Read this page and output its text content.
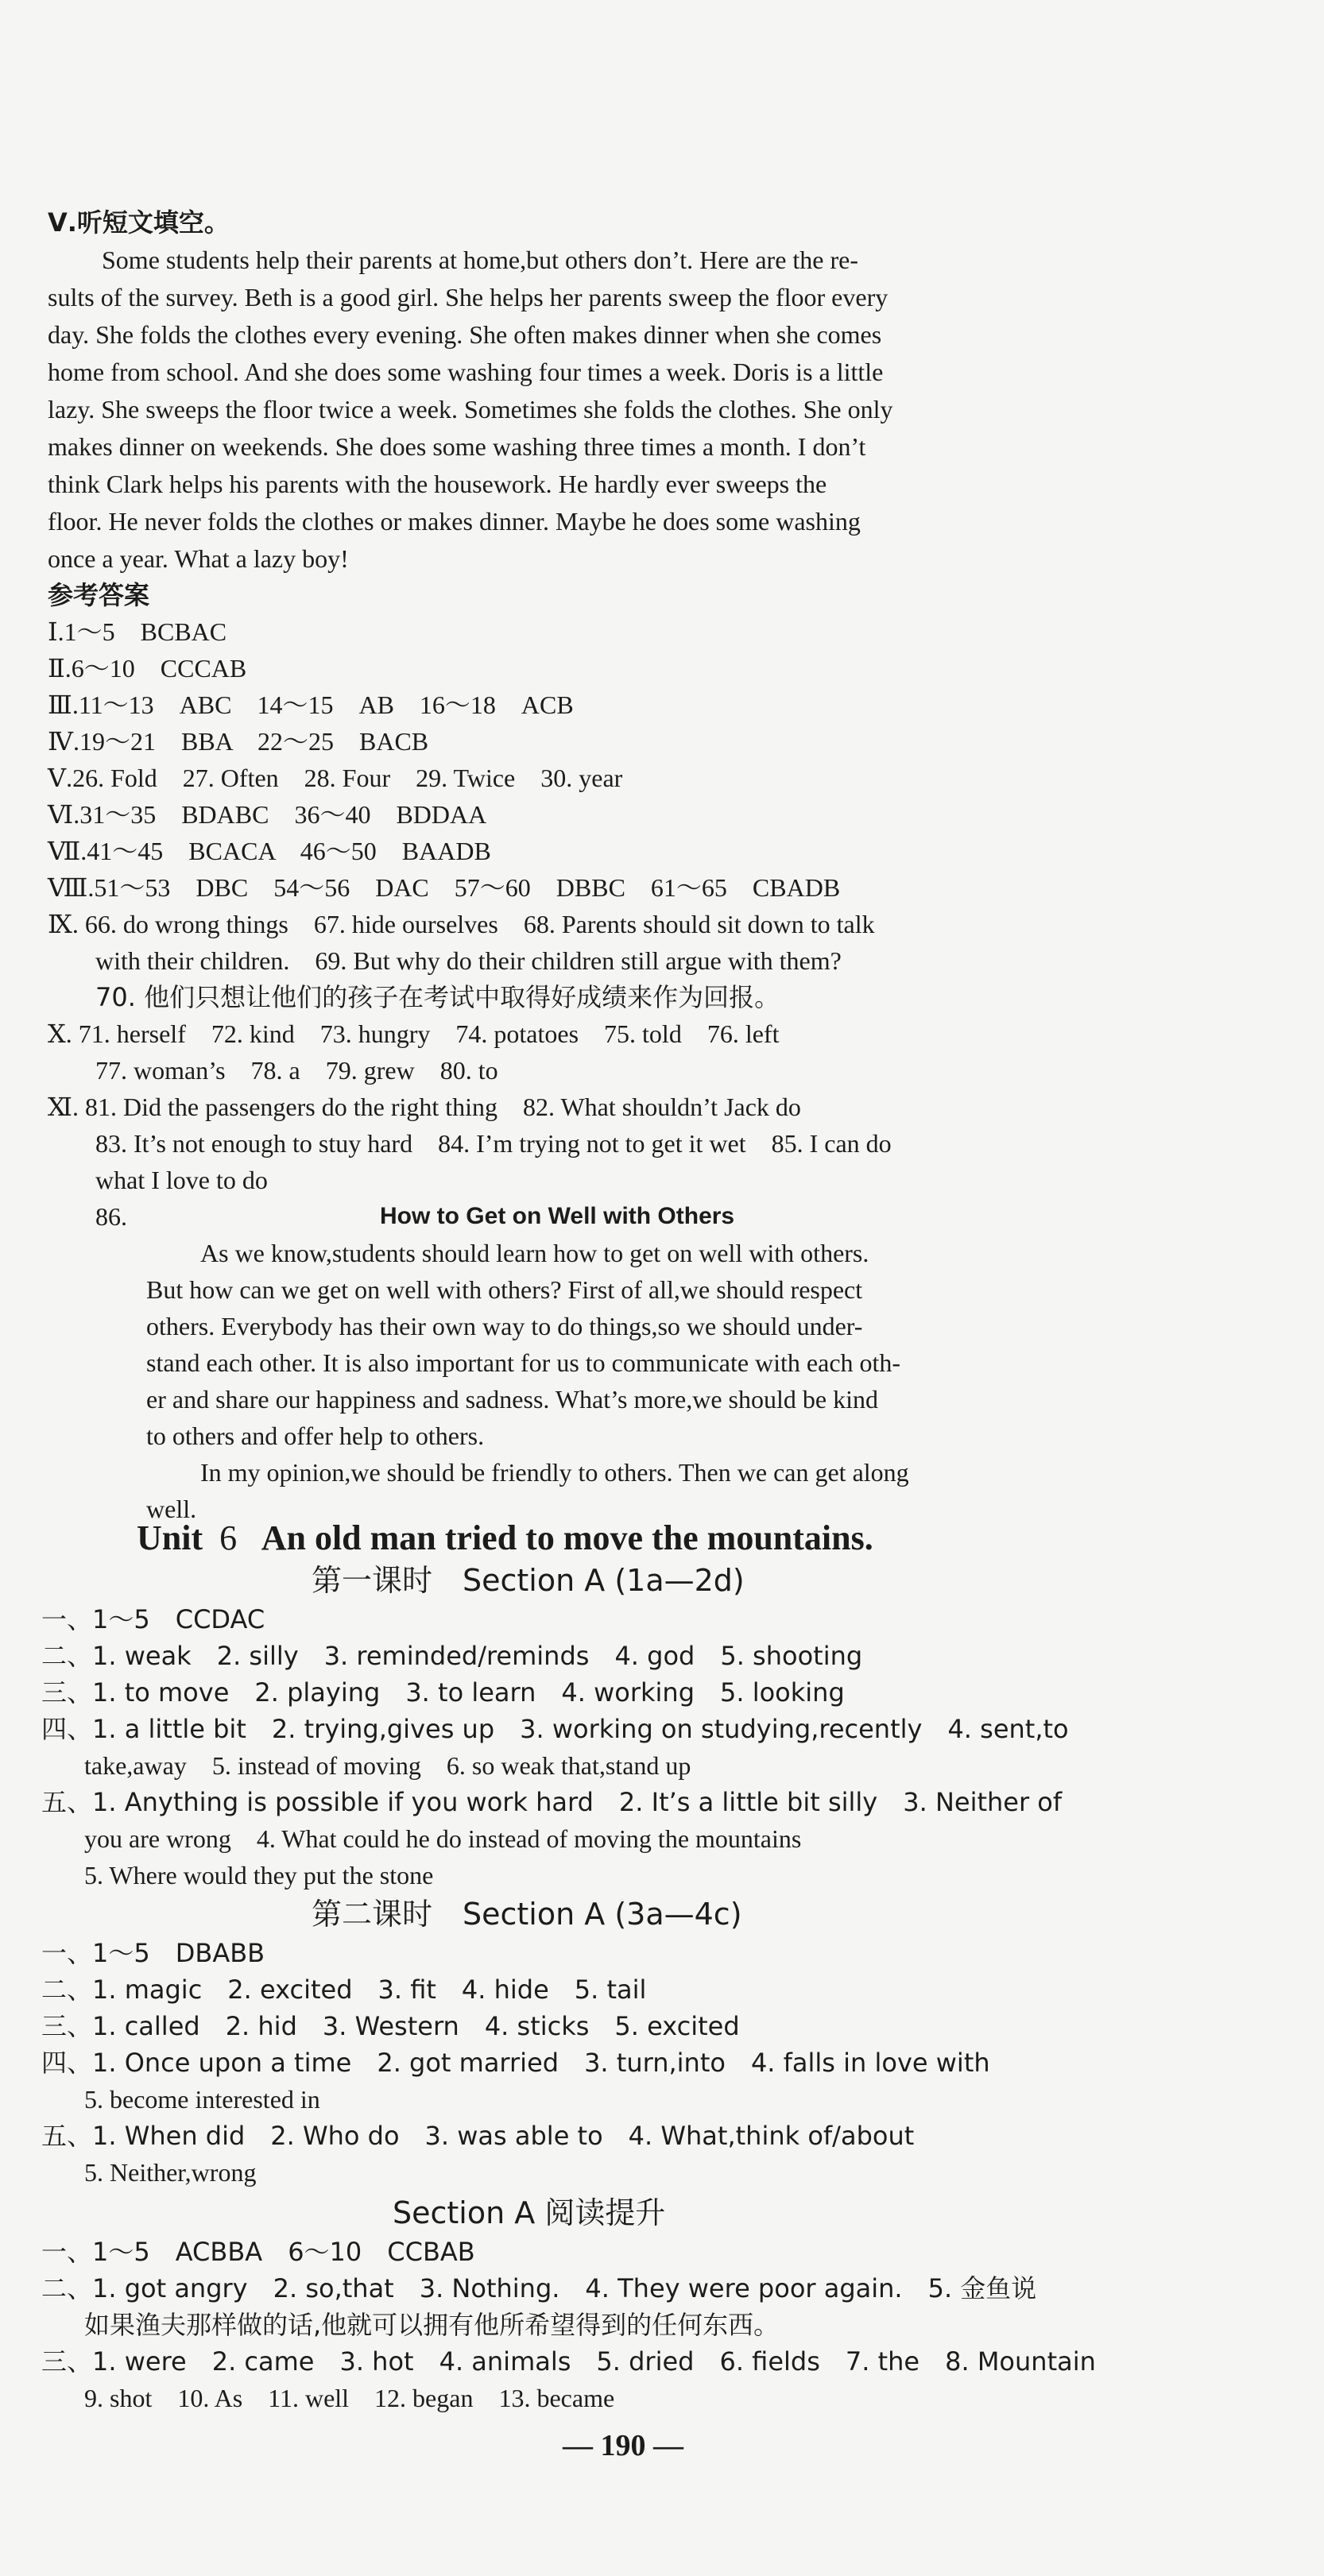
Ⅴ.听短文填空。
Some students help their parents at home,but others don’t. Here are the re-
sults of the survey. Beth is a good girl. She helps her parents sweep the floor every
day. She folds the clothes every evening. She often makes dinner when she comes
home from school. And she does some washing four times a week. Doris is a little
lazy. She sweeps the floor twice a week. Sometimes she folds the clothes. She only
makes dinner on weekends. She does some washing three times a month. I don’t
think Clark helps his parents with the housework. He hardly ever sweeps the
floor. He never folds the clothes or makes dinner. Maybe he does some washing
once a year. What a lazy boy!
参考答案
Ⅰ.1～5　BCBAC
Ⅱ.6～10　CCCAB
Ⅲ.11～13　ABC　14～15　AB　16～18　ACB
Ⅳ.19～21　BBA　22～25　BACB
Ⅴ.26. Fold　27. Often　28. Four　29. Twice　30. year
Ⅵ.31～35　BDABC　36～40　BDDAA
Ⅶ.41～45　BCACA　46～50　BAADB
Ⅷ.51～53　DBC　54～56　DAC　57～60　DBBC　61～65　CBADB
Ⅸ. 66. do wrong things　67. hide ourselves　68. Parents should sit down to talk
with their children.　69. But why do their children still argue with them?
70. 他们只想让他们的孩子在考试中取得好成绩来作为回报。
Ⅹ. 71. herself　72. kind　73. hungry　74. potatoes　75. told　76. left
77. woman’s　78. a　79. grew　80. to
Ⅺ. 81. Did the passengers do the right thing　82. What shouldn’t Jack do
83. It’s not enough to stuy hard　84. I’m trying not to get it wet　85. I can do
what I love to do
86.	How to Get on Well with Others
As we know,students should learn how to get on well with others.
But how can we get on well with others? First of all,we should respect
others. Everybody has their own way to do things,so we should under-
stand each other. It is also important for us to communicate with each oth-
er and share our happiness and sadness. What’s more,we should be kind
to others and offer help to others.
In my opinion,we should be friendly to others. Then we can get along
well.
Unit 6 An old man tried to move the mountains.
第一课时　Section A (1a—2d)
一、1～5　CCDAC
二、1. weak　2. silly　3. reminded/reminds　4. god　5. shooting
三、1. to move　2. playing　3. to learn　4. working　5. looking
四、1. a little bit　2. trying,gives up　3. working on studying,recently　4. sent,to
take,away　5. instead of moving　6. so weak that,stand up
五、1. Anything is possible if you work hard　2. It’s a little bit silly　3. Neither of
you are wrong　4. What could he do instead of moving the mountains
5. Where would they put the stone
第二课时　Section A (3a—4c)
一、1～5　DBABB
二、1. magic　2. excited　3. fit　4. hide　5. tail
三、1. called　2. hid　3. Western　4. sticks　5. excited
四、1. Once upon a time　2. got married　3. turn,into　4. falls in love with
5. become interested in
五、1. When did　2. Who do　3. was able to　4. What,think of/about
5. Neither,wrong
Section A 阅读提升
一、1～5　ACBBA　6～10　CCBAB
二、1. got angry　2. so,that　3. Nothing.　4. They were poor again.　5. 金鱼说
如果渔夫那样做的话,他就可以拥有他所希望得到的任何东西。
三、1. were　2. came　3. hot　4. animals　5. dried　6. fields　7. the　8. Mountain
9. shot　10. As　11. well　12. began　13. became
— 190 —
